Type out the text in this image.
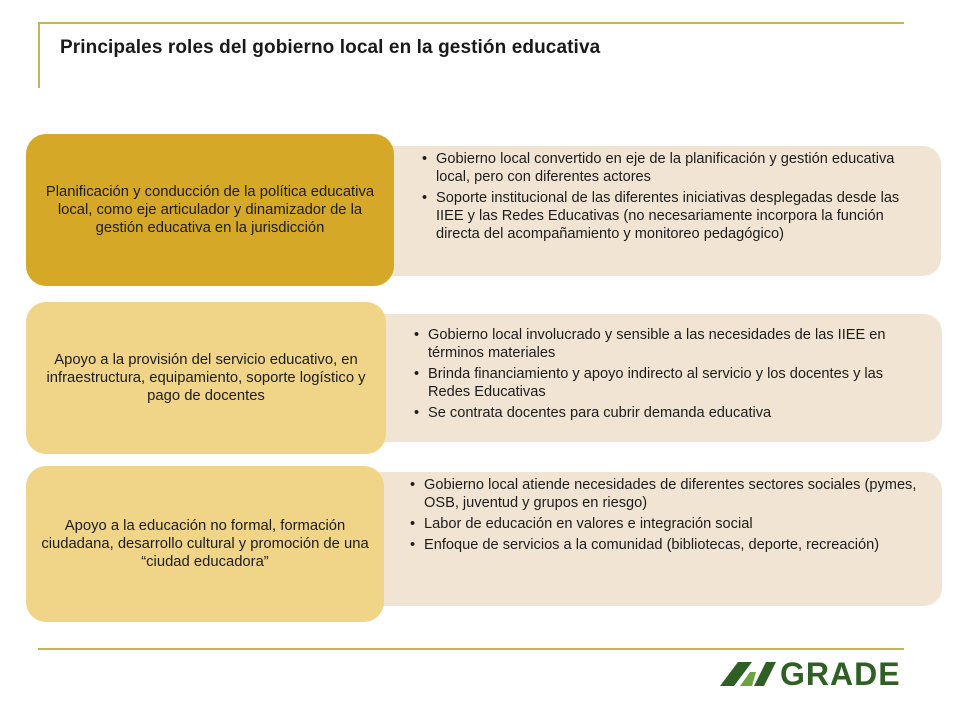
Principales roles del gobierno local en la gestión educativa
• Gobierno local convertido en eje de la planificación y gestión educativa local, pero con diferentes actores
• Soporte institucional de las diferentes iniciativas desplegadas desde las IIEE y las Redes Educativas (no necesariamente incorpora la función directa del acompañamiento y monitoreo pedagógico)
Planificación y conducción de la política educativa local, como eje articulador y dinamizador de la gestión educativa en la jurisdicción
• Gobierno local involucrado y sensible a las necesidades de las IIEE en términos materiales
• Brinda financiamiento y apoyo indirecto al servicio y los docentes y las Redes Educativas
• Se contrata docentes para cubrir demanda educativa
Apoyo a la provisión del servicio educativo, en infraestructura, equipamiento, soporte logístico y pago de docentes
• Gobierno local atiende necesidades de diferentes sectores sociales (pymes, OSB, juventud y grupos en riesgo)
• Labor de educación en valores e integración social
• Enfoque de servicios a la comunidad (bibliotecas, deporte, recreación)
Apoyo a la educación no formal, formación ciudadana, desarrollo cultural y promoción de una “ciudad educadora”
GRADE
